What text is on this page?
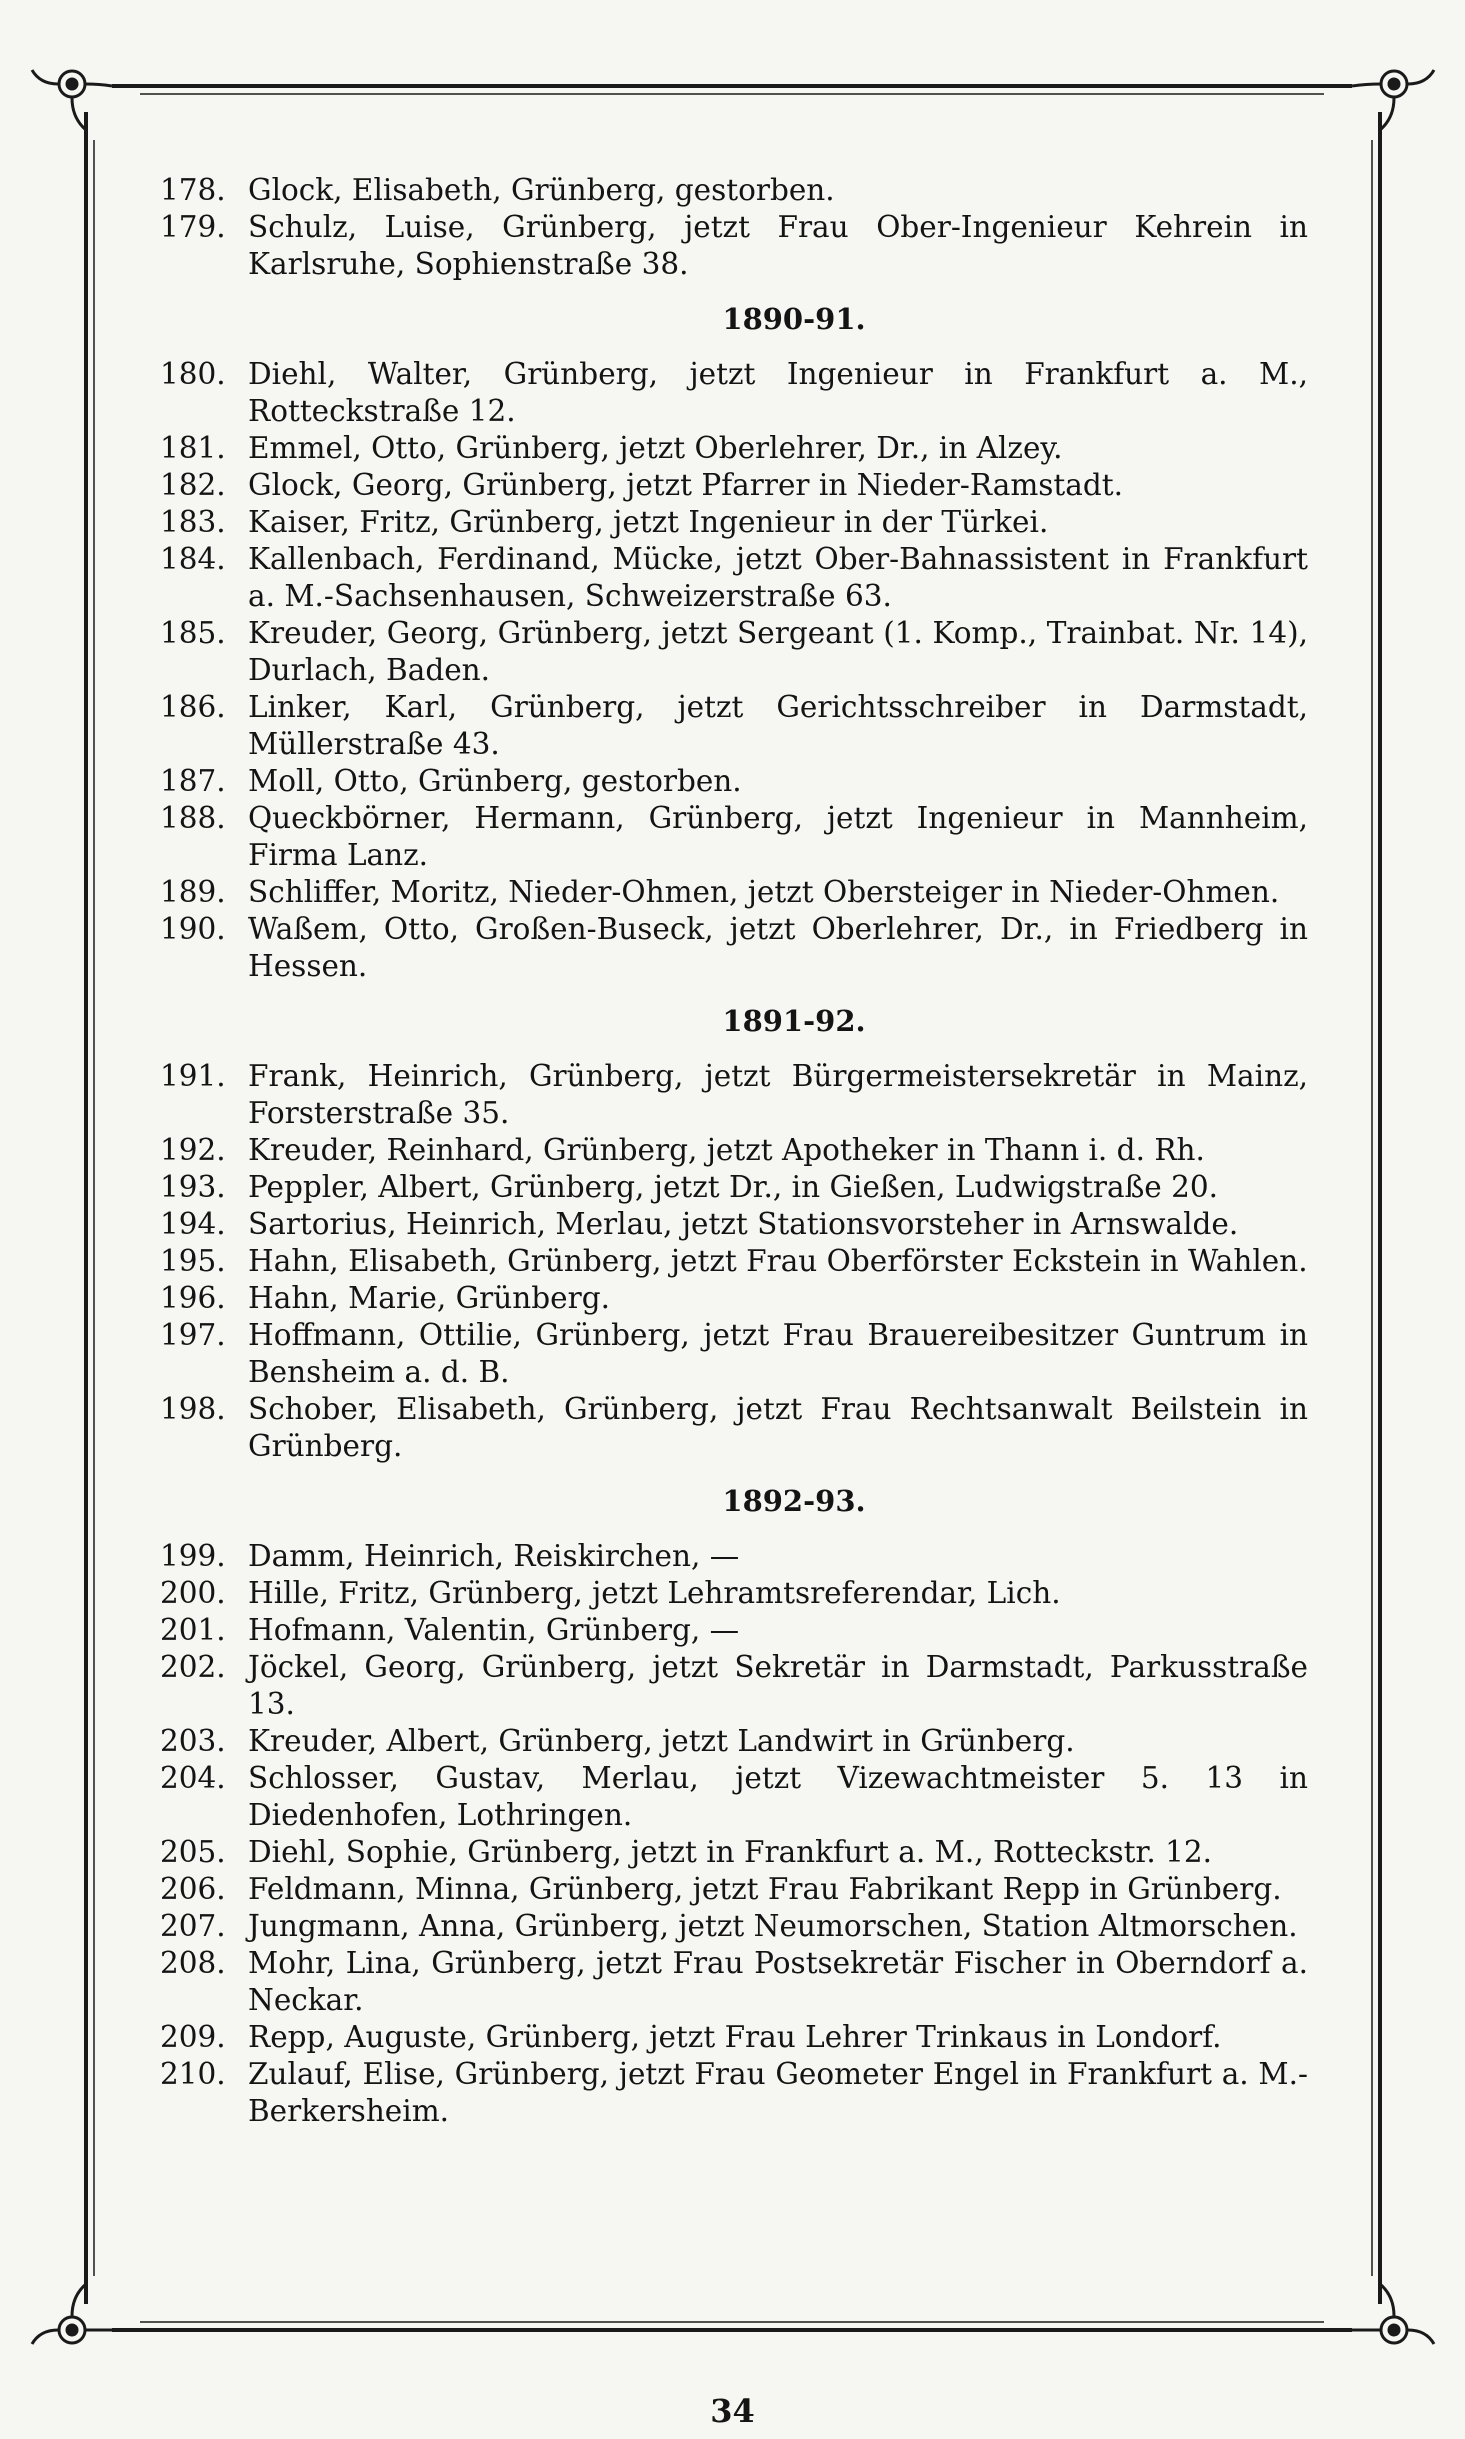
178. Glock, Elisabeth, Grünberg, gestorben.
179. Schulz, Luise, Grünberg, jetzt Frau Ober-Ingenieur Kehrein in Karlsruhe, Sophienstraße 38.
1890-91.
180. Diehl, Walter, Grünberg, jetzt Ingenieur in Frankfurt a. M., Rotteckstraße 12.
181. Emmel, Otto, Grünberg, jetzt Oberlehrer, Dr., in Alzey.
182. Glock, Georg, Grünberg, jetzt Pfarrer in Nieder-Ramstadt.
183. Kaiser, Fritz, Grünberg, jetzt Ingenieur in der Türkei.
184. Kallenbach, Ferdinand, Mücke, jetzt Ober-Bahnassistent in Frankfurt a. M.-Sachsenhausen, Schweizerstraße 63.
185. Kreuder, Georg, Grünberg, jetzt Sergeant (1. Komp., Trainbat. Nr. 14), Durlach, Baden.
186. Linker, Karl, Grünberg, jetzt Gerichtsschreiber in Darmstadt, Müllerstraße 43.
187. Moll, Otto, Grünberg, gestorben.
188. Queckbörner, Hermann, Grünberg, jetzt Ingenieur in Mannheim, Firma Lanz.
189. Schliffer, Moritz, Nieder-Ohmen, jetzt Obersteiger in Nieder-Ohmen.
190. Waßem, Otto, Großen-Buseck, jetzt Oberlehrer, Dr., in Friedberg in Hessen.
1891-92.
191. Frank, Heinrich, Grünberg, jetzt Bürgermeistersekretär in Mainz, Forsterstraße 35.
192. Kreuder, Reinhard, Grünberg, jetzt Apotheker in Thann i. d. Rh.
193. Peppler, Albert, Grünberg, jetzt Dr., in Gießen, Ludwigstraße 20.
194. Sartorius, Heinrich, Merlau, jetzt Stationsvorsteher in Arnswalde.
195. Hahn, Elisabeth, Grünberg, jetzt Frau Oberförster Eckstein in Wahlen.
196. Hahn, Marie, Grünberg.
197. Hoffmann, Ottilie, Grünberg, jetzt Frau Brauereibesitzer Guntrum in Bensheim a. d. B.
198. Schober, Elisabeth, Grünberg, jetzt Frau Rechtsanwalt Beilstein in Grünberg.
1892-93.
199. Damm, Heinrich, Reiskirchen, —
200. Hille, Fritz, Grünberg, jetzt Lehramtsreferendar, Lich.
201. Hofmann, Valentin, Grünberg, —
202. Jöckel, Georg, Grünberg, jetzt Sekretär in Darmstadt, Parkusstraße 13.
203. Kreuder, Albert, Grünberg, jetzt Landwirt in Grünberg.
204. Schlosser, Gustav, Merlau, jetzt Vizewachtmeister 5. 13 in Diedenhofen, Lothringen.
205. Diehl, Sophie, Grünberg, jetzt in Frankfurt a. M., Rotteckstr. 12.
206. Feldmann, Minna, Grünberg, jetzt Frau Fabrikant Repp in Grünberg.
207. Jungmann, Anna, Grünberg, jetzt Neumorschen, Station Altmorschen.
208. Mohr, Lina, Grünberg, jetzt Frau Postsekretär Fischer in Oberndorf a. Neckar.
209. Repp, Auguste, Grünberg, jetzt Frau Lehrer Trinkaus in Londorf.
210. Zulauf, Elise, Grünberg, jetzt Frau Geometer Engel in Frankfurt a. M.-Berkersheim.
34
